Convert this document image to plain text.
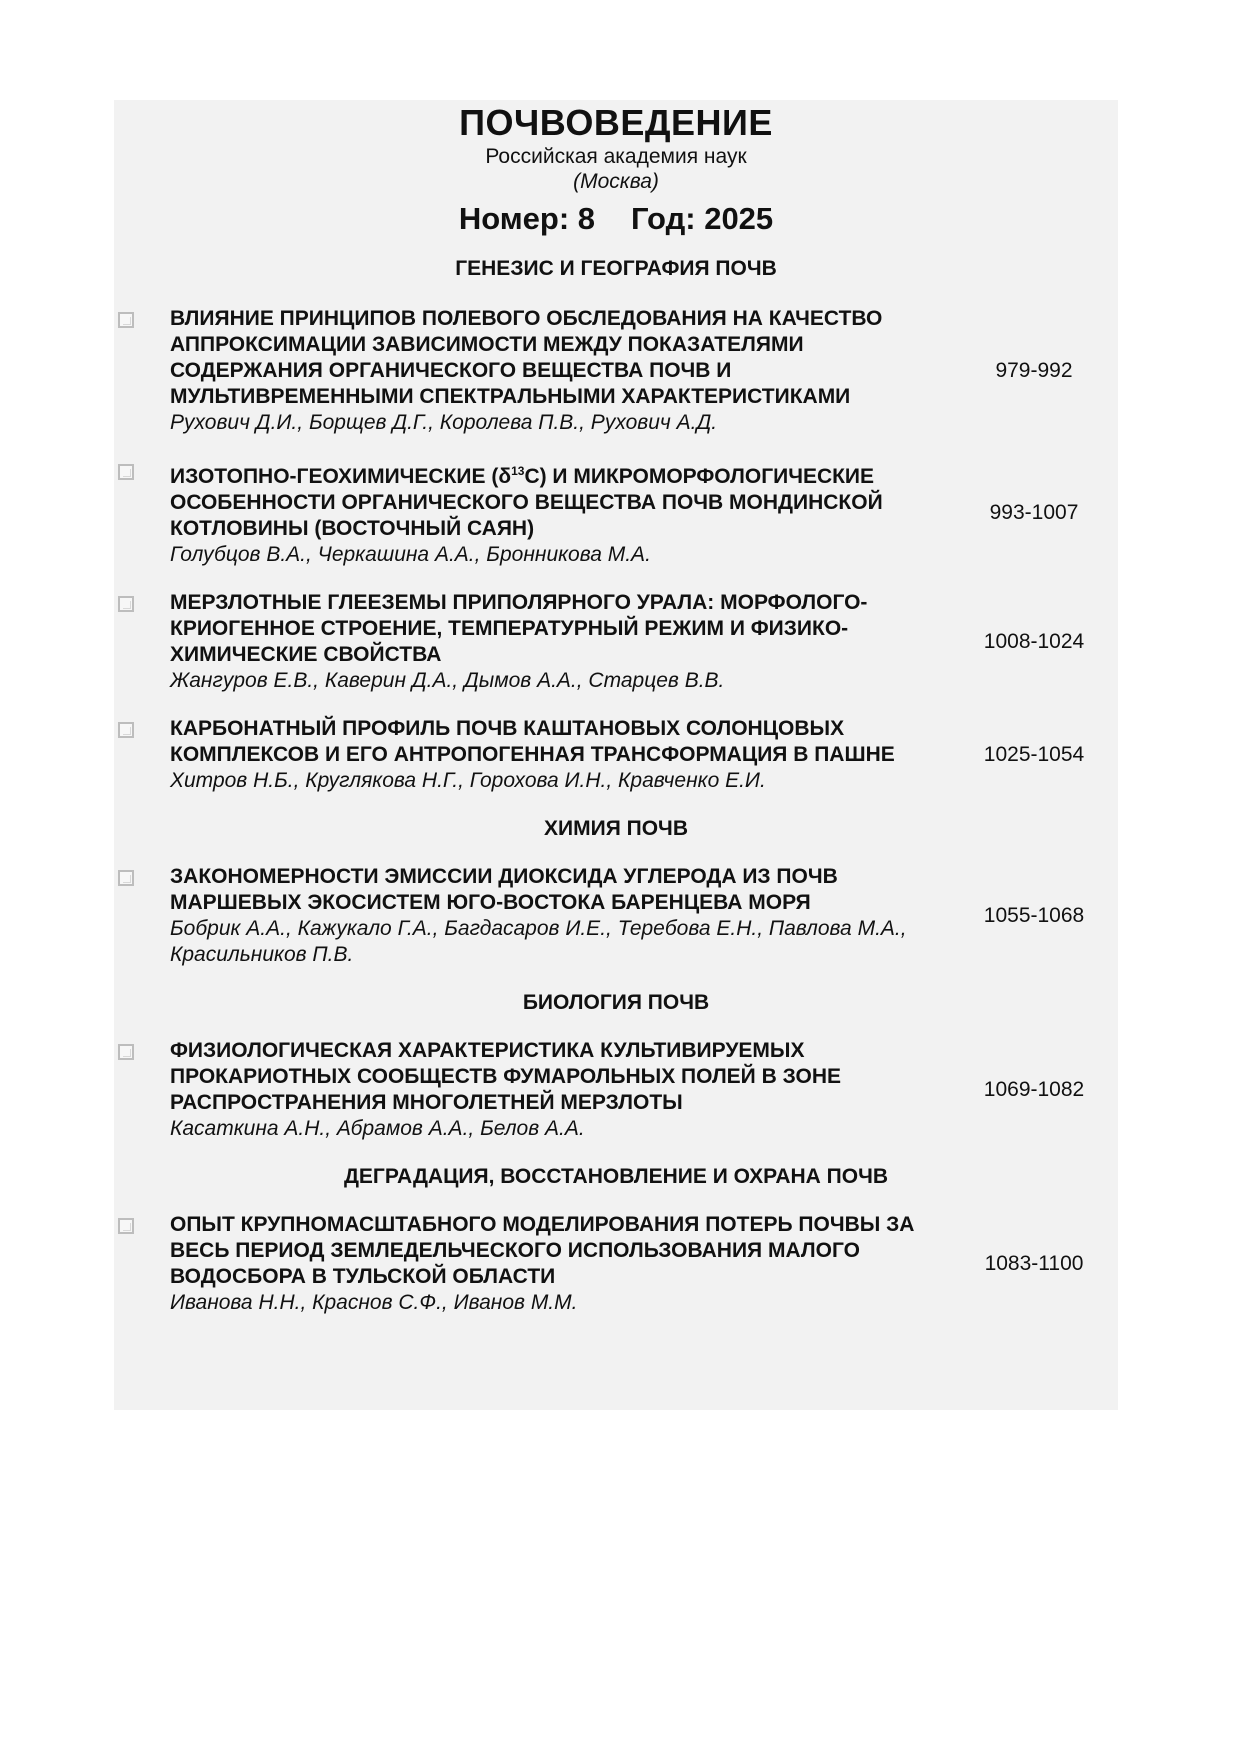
ПОЧВОВЕДЕНИЕ
Российская академия наук
(Москва)
Номер: 8 Год: 2025
ГЕНЕЗИС И ГЕОГРАФИЯ ПОЧВ
ВЛИЯНИЕ ПРИНЦИПОВ ПОЛЕВОГО ОБСЛЕДОВАНИЯ НА КАЧЕСТВО АППРОКСИМАЦИИ ЗАВИСИМОСТИ МЕЖДУ ПОКАЗАТЕЛЯМИ СОДЕРЖАНИЯ ОРГАНИЧЕСКОГО ВЕЩЕСТВА ПОЧВ И МУЛЬТИВРЕМЕННЫМИ СПЕКТРАЛЬНЫМИ ХАРАКТЕРИСТИКАМИ
Рухович Д.И., Борщев Д.Г., Королева П.В., Рухович А.Д.
979-992
ИЗОТОПНО-ГЕОХИМИЧЕСКИЕ $(\delta^{13}С)$ И МИКРОМОРФОЛОГИЧЕСКИЕ ОСОБЕННОСТИ ОРГАНИЧЕСКОГО ВЕЩЕСТВА ПОЧВ МОНДИНСКОЙ КОТЛОВИНЫ (ВОСТОЧНЫЙ САЯН)
Голубцов В.А., Черкашина А.А., Бронникова М.А.
993-1007
МЕРЗЛОТНЫЕ ГЛЕЕЗЕМЫ ПРИПОЛЯРНОГО УРАЛА: МОРФОЛОГО-КРИОГЕННОЕ СТРОЕНИЕ, ТЕМПЕРАТУРНЫЙ РЕЖИМ И ФИЗИКО-ХИМИЧЕСКИЕ СВОЙСТВА
Жангуров Е.В., Каверин Д.А., Дымов А.А., Старцев В.В.
1008-1024
КАРБОНАТНЫЙ ПРОФИЛЬ ПОЧВ КАШТАНОВЫХ СОЛОНЦОВЫХ КОМПЛЕКСОВ И ЕГО АНТРОПОГЕННАЯ ТРАНСФОРМАЦИЯ В ПАШНЕ
Хитров Н.Б., Круглякова Н.Г., Горохова И.Н., Кравченко Е.И.
1025-1054
ХИМИЯ ПОЧВ
ЗАКОНОМЕРНОСТИ ЭМИССИИ ДИОКСИДА УГЛЕРОДА ИЗ ПОЧВ МАРШЕВЫХ ЭКОСИСТЕМ ЮГО-ВОСТОКА БАРЕНЦЕВА МОРЯ
Бобрик А.А., Кажукало Г.А., Багдасаров И.Е., Теребова Е.Н., Павлова М.А., Красильников П.В.
1055-1068
БИОЛОГИЯ ПОЧВ
ФИЗИОЛОГИЧЕСКАЯ ХАРАКТЕРИСТИКА КУЛЬТИВИРУЕМЫХ ПРОКАРИОТНЫХ СООБЩЕСТВ ФУМАРОЛЬНЫХ ПОЛЕЙ В ЗОНЕ РАСПРОСТРАНЕНИЯ МНОГОЛЕТНЕЙ МЕРЗЛОТЫ
Касаткина А.Н., Абрамов А.А., Белов А.А.
1069-1082
ДЕГРАДАЦИЯ, ВОССТАНОВЛЕНИЕ И ОХРАНА ПОЧВ
ОПЫТ КРУПНОМАСШТАБНОГО МОДЕЛИРОВАНИЯ ПОТЕРЬ ПОЧВЫ ЗА ВЕСЬ ПЕРИОД ЗЕМЛЕДЕЛЬЧЕСКОГО ИСПОЛЬЗОВАНИЯ МАЛОГО ВОДОСБОРА В ТУЛЬСКОЙ ОБЛАСТИ
Иванова Н.Н., Краснов С.Ф., Иванов М.М.
1083-1100
